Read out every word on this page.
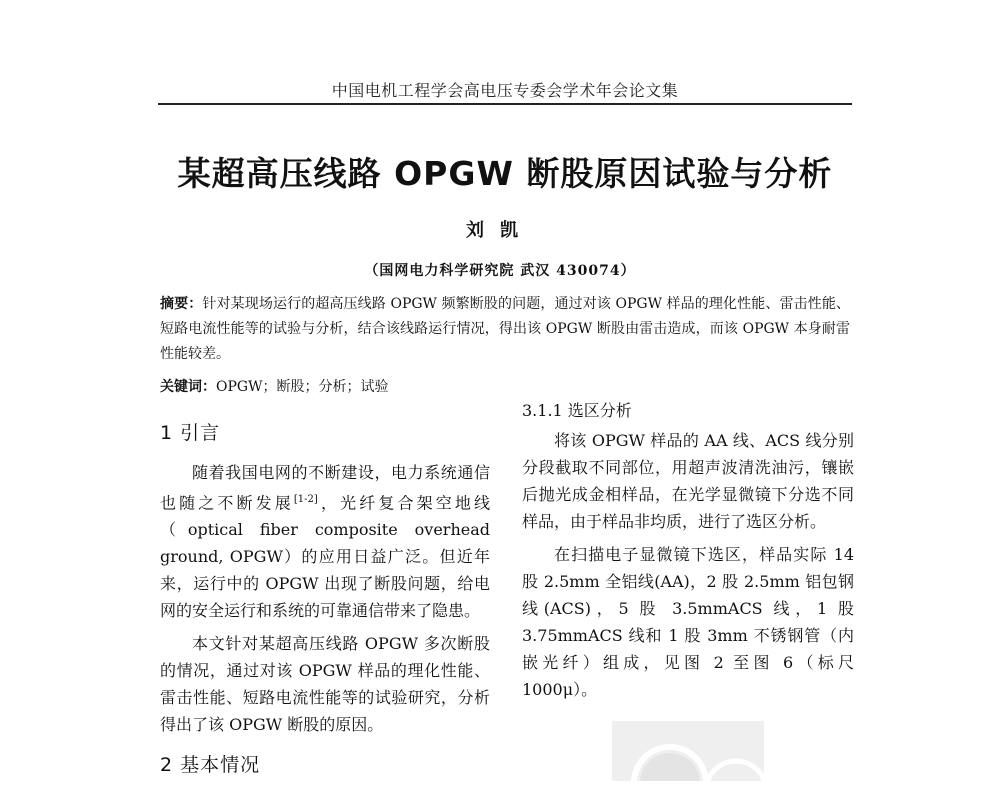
中国电机工程学会高电压专委会学术年会论文集
某超高压线路 OPGW 断股原因试验与分析
刘凯
（国网电力科学研究院 武汉 430074）
摘要：针对某现场运行的超高压线路 OPGW 频繁断股的问题，通过对该 OPGW 样品的理化性能、雷击性能、短路电流性能等的试验与分析，结合该线路运行情况，得出该 OPGW 断股由雷击造成，而该 OPGW 本身耐雷性能较差。
关键词：OPGW；断股；分析；试验
1 引言

随着我国电网的不断建设，电力系统通信也随之不断发展[1-2]，光纤复合架空地线（optical fiber composite overhead ground, OPGW）的应用日益广泛。但近年来，运行中的 OPGW 出现了断股问题，给电网的安全运行和系统的可靠通信带来了隐患。

本文针对某超高压线路 OPGW 多次断股的情况，通过对该 OPGW 样品的理化性能、雷击性能、短路电流性能等的试验研究，分析得出了该 OPGW 断股的原因。

2 基本情况
3.1.1 选区分析

将该 OPGW 样品的 AA 线、ACS 线分别分段截取不同部位，用超声波清洗油污，镶嵌后抛光成金相样品，在光学显微镜下分选不同样品，由于样品非均质，进行了选区分析。

在扫描电子显微镜下选区，样品实际 14 股 2.5mm 全铝线(AA)，2 股 2.5mm 铝包钢线(ACS)，5 股 3.5mmACS 线，1 股 3.75mmACS 线和 1 股 3mm 不锈钢管（内嵌光纤）组成，见图 2 至图 6（标尺 1000μ）。
